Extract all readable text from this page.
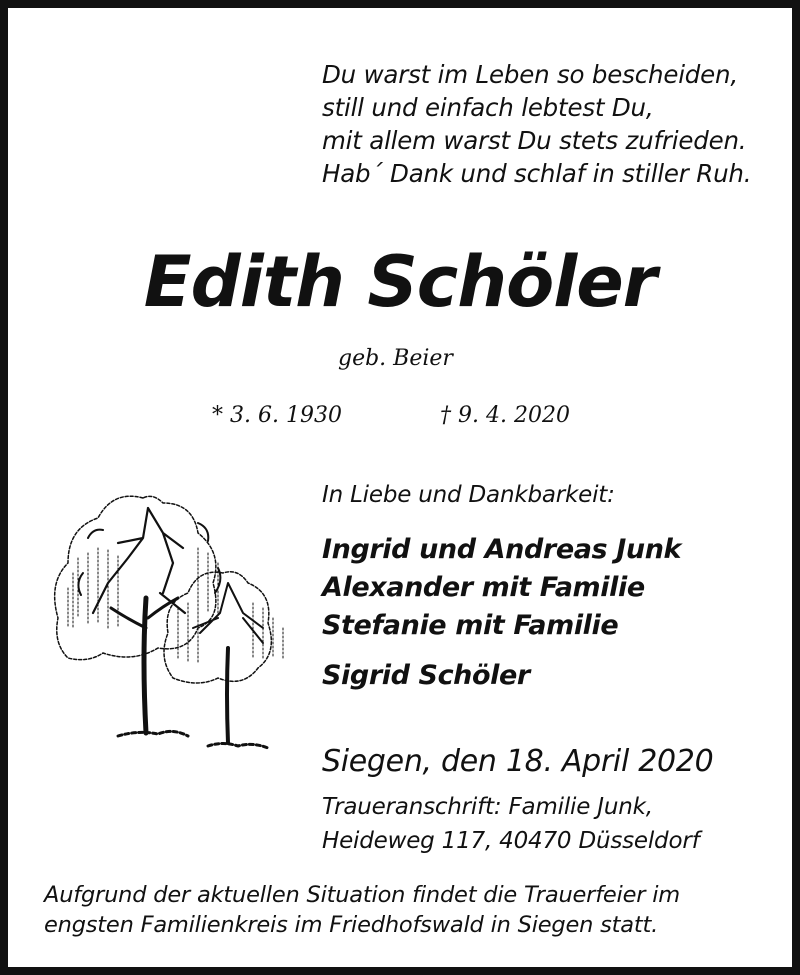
Du warst im Leben so bescheiden,
still und einfach lebtest Du,
mit allem warst Du stets zufrieden.
Hab´ Dank und schlaf in stiller Ruh.
Edith Schöler
geb. Beier
* 3. 6. 1930	† 9. 4. 2020
In Liebe und Dankbarkeit:
Ingrid und Andreas Junk
Alexander mit Familie
Stefanie mit Familie
Sigrid Schöler
Siegen, den 18. April 2020
Traueranschrift: Familie Junk,
Heideweg 117, 40470 Düsseldorf
Aufgrund der aktuellen Situation findet die Trauerfeier im
engsten Familienkreis im Friedhofswald in Siegen statt.
